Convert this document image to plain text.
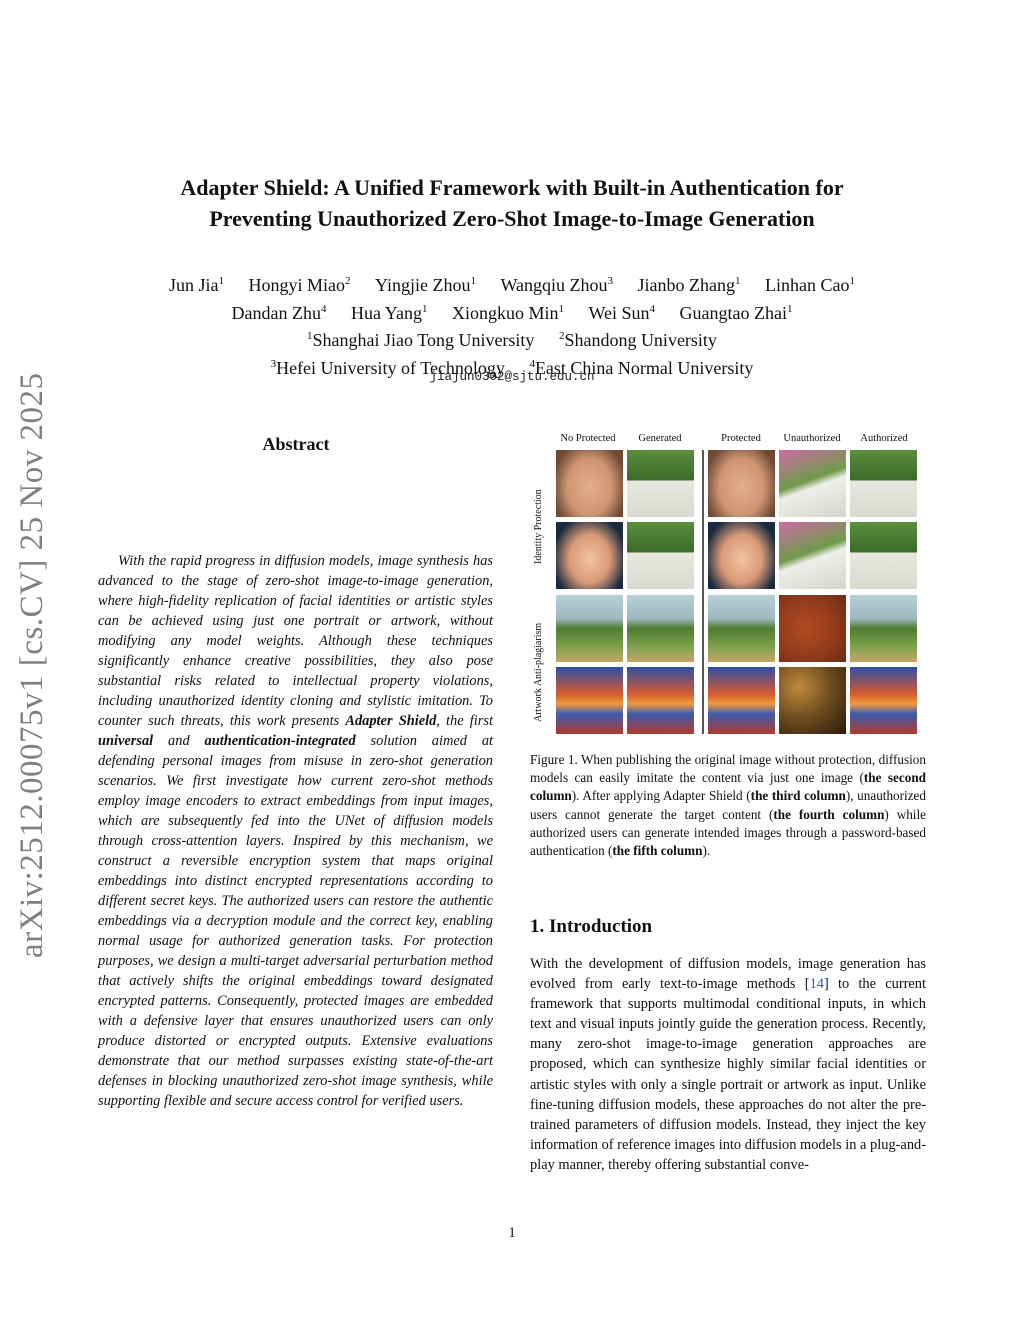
arXiv:2512.00075v1 [cs.CV] 25 Nov 2025
Adapter Shield: A Unified Framework with Built-in Authentication for
Preventing Unauthorized Zero-Shot Image-to-Image Generation
Jun Jia$^1$ Hongyi Miao$^2$ Yingjie Zhou$^1$ Wangqiu Zhou$^3$ Jianbo Zhang$^1$ Linhan Cao$^1$
Dandan Zhu$^4$ Hua Yang$^1$ Xiongkuo Min$^1$ Wei Sun$^4$ Guangtao Zhai$^1$
$^1$Shanghai Jiao Tong University $^2$Shandong University
$^3$Hefei University of Technology $^4$East China Normal University
jiajun0302@sjtu.edu.cn
Abstract

With the rapid progress in diffusion models, image synthesis has advanced to the stage of zero-shot image-to-image generation, where high-fidelity replication of facial identities or artistic styles can be achieved using just one portrait or artwork, without modifying any model weights. Although these techniques significantly enhance creative possibilities, they also pose substantial risks related to intellectual property violations, including unauthorized identity cloning and stylistic imitation. To counter such threats, this work presents Adapter Shield, the first universal and authentication-integrated solution aimed at defending personal images from misuse in zero-shot generation scenarios. We first investigate how current zero-shot methods employ image encoders to extract embeddings from input images, which are subsequently fed into the UNet of diffusion models through cross-attention layers. Inspired by this mechanism, we construct a reversible encryption system that maps original embeddings into distinct encrypted representations according to different secret keys. The authorized users can restore the authentic embeddings via a decryption module and the correct key, enabling normal usage for authorized generation tasks. For protection purposes, we design a multi-target adversarial perturbation method that actively shifts the original embeddings toward designated encrypted patterns. Consequently, protected images are embedded with a defensive layer that ensures unauthorized users can only produce distorted or encrypted outputs. Extensive evaluations demonstrate that our method surpasses existing state-of-the-art defenses in blocking unauthorized zero-shot image synthesis, while supporting flexible and secure access control for verified users.

No Protected	Generated	Protected	Unauthorized	Authorized
Identity Protection
Artwork Anti-plagiarism
Figure 1. When publishing the original image without protection, diffusion models can easily imitate the content via just one image (the second column). After applying Adapter Shield (the third column), unauthorized users cannot generate the target content (the fourth column) while authorized users can generate intended images through a password-based authentication (the fifth column).
1. Introduction
With the development of diffusion models, image generation has evolved from early text-to-image methods [14] to the current framework that supports multimodal conditional inputs, in which text and visual inputs jointly guide the generation process. Recently, many zero-shot image-to-image generation approaches are proposed, which can synthesize highly similar facial identities or artistic styles with only a single portrait or artwork as input. Unlike fine-tuning diffusion models, these approaches do not alter the pre-trained parameters of diffusion models. Instead, they inject the key information of reference images into diffusion models in a plug-and-play manner, thereby offering substantial conve-
1
